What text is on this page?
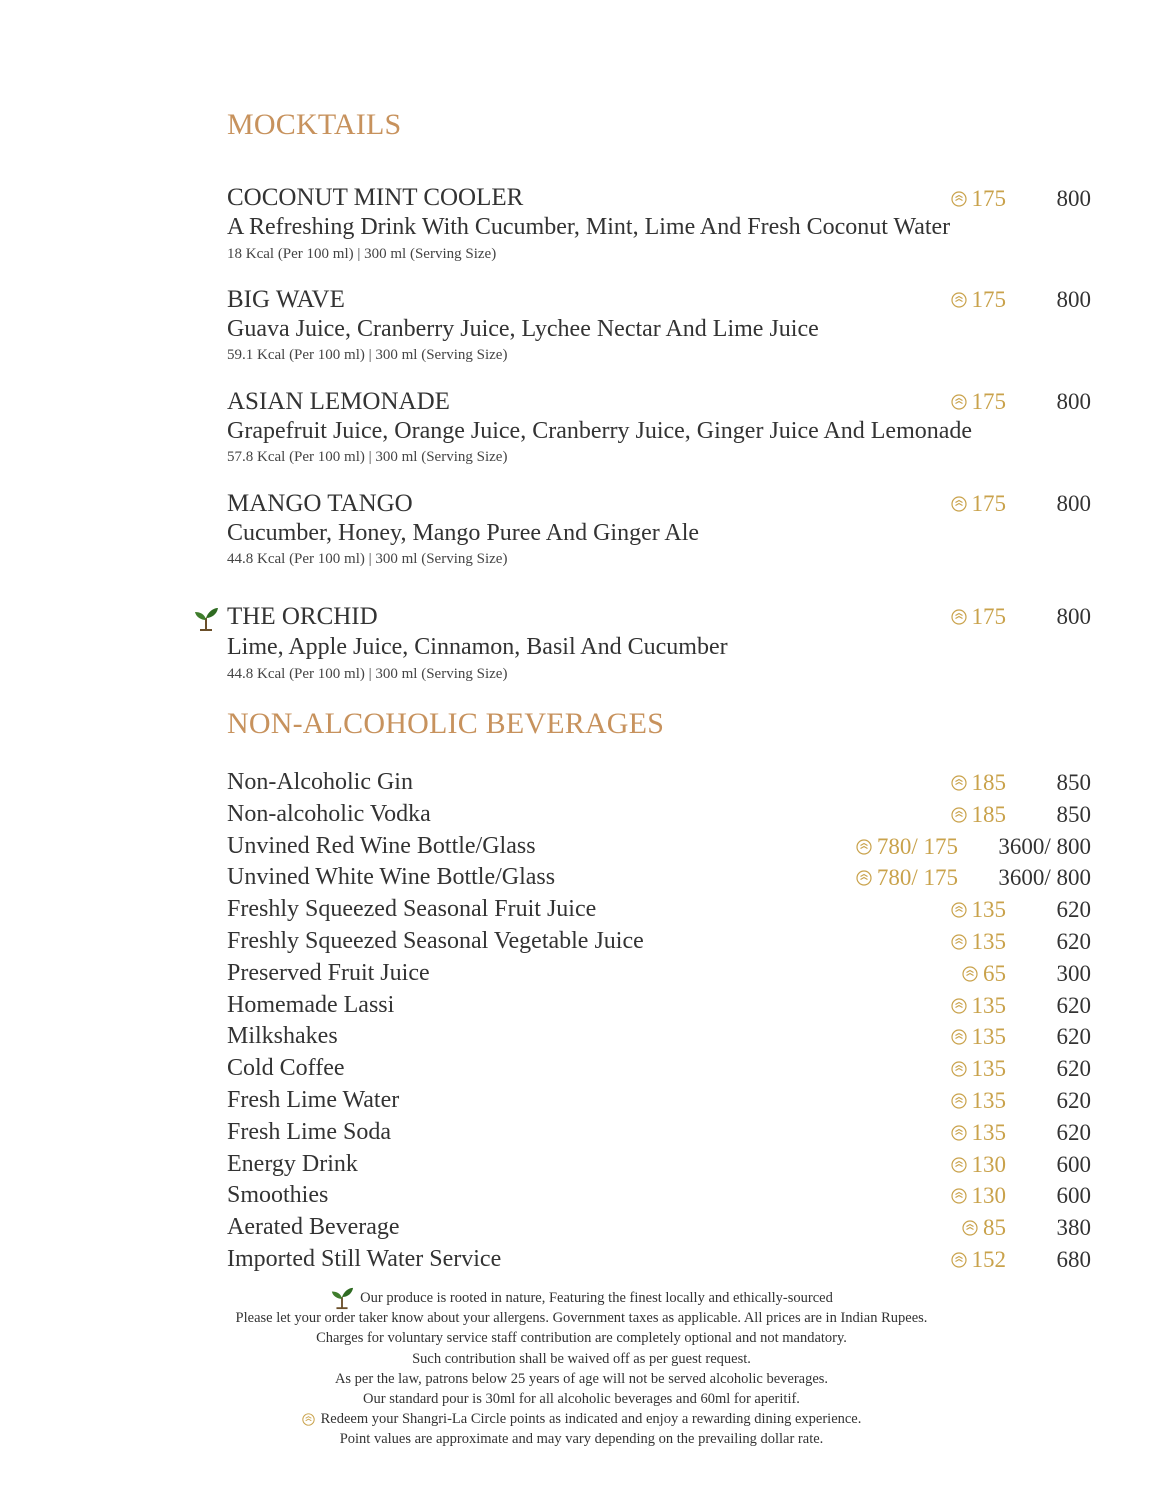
MOCKTAILS
COCONUT MINT COOLER	175 800
A Refreshing Drink With Cucumber, Mint, Lime And Fresh Coconut Water
18 Kcal (Per 100 ml) | 300 ml (Serving Size)
BIG WAVE	175 800
Guava Juice, Cranberry Juice, Lychee Nectar And Lime Juice
59.1 Kcal (Per 100 ml) | 300 ml (Serving Size)
ASIAN LEMONADE	175 800
Grapefruit Juice, Orange Juice, Cranberry Juice, Ginger Juice And Lemonade
57.8 Kcal (Per 100 ml) | 300 ml (Serving Size)
MANGO TANGO	175 800
Cucumber, Honey, Mango Puree And Ginger Ale
44.8 Kcal (Per 100 ml) | 300 ml (Serving Size)
THE ORCHID	175 800
Lime, Apple Juice, Cinnamon, Basil And Cucumber
44.8 Kcal (Per 100 ml) | 300 ml (Serving Size)
NON-ALCOHOLIC BEVERAGES
Non-Alcoholic Gin	185 850
Non-alcoholic Vodka	185 850
Unvined Red Wine Bottle/Glass	780/ 175 3600/ 800
Unvined White Wine Bottle/Glass	780/ 175 3600/ 800
Freshly Squeezed Seasonal Fruit Juice	135 620
Freshly Squeezed Seasonal Vegetable Juice	135 620
Preserved Fruit Juice	65 300
Homemade Lassi	135 620
Milkshakes	135 620
Cold Coffee	135 620
Fresh Lime Water	135 620
Fresh Lime Soda	135 620
Energy Drink	130 600
Smoothies	130 600
Aerated Beverage	85 380
Imported Still Water Service	152 680
Our produce is rooted in nature, Featuring the finest locally and ethically-sourced
Please let your order taker know about your allergens. Government taxes as applicable. All prices are in Indian Rupees.
Charges for voluntary service staff contribution are completely optional and not mandatory.
Such contribution shall be waived off as per guest request.
As per the law, patrons below 25 years of age will not be served alcoholic beverages.
Our standard pour is 30ml for all alcoholic beverages and 60ml for aperitif.
Redeem your Shangri-La Circle points as indicated and enjoy a rewarding dining experience.
Point values are approximate and may vary depending on the prevailing dollar rate.
